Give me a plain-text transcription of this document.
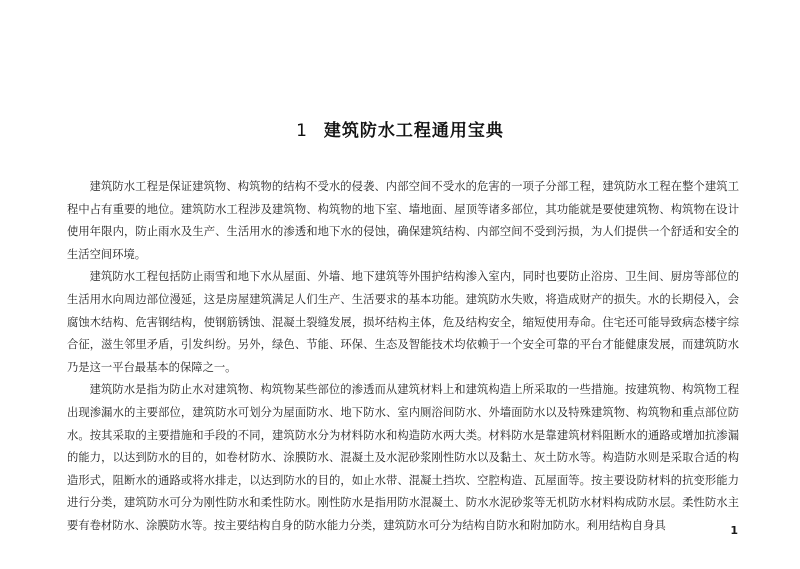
1 建筑防水工程通用宝典

建筑防水工程是保证建筑物、构筑物的结构不受水的侵袭、内部空间不受水的危害的一项子分部工程，建筑防水工程在整个建筑工程中占有重要的地位。建筑防水工程涉及建筑物、构筑物的地下室、墙地面、屋顶等诸多部位，其功能就是要使建筑物、构筑物在设计使用年限内，防止雨水及生产、生活用水的渗透和地下水的侵蚀，确保建筑结构、内部空间不受到污损，为人们提供一个舒适和安全的生活空间环境。

建筑防水工程包括防止雨雪和地下水从屋面、外墙、地下建筑等外围护结构渗入室内，同时也要防止浴房、卫生间、厨房等部位的生活用水向周边部位漫延，这是房屋建筑满足人们生产、生活要求的基本功能。建筑防水失败，将造成财产的损失。水的长期侵入，会腐蚀木结构、危害钢结构，使钢筋锈蚀、混凝土裂缝发展，损坏结构主体，危及结构安全，缩短使用寿命。住宅还可能导致病态楼宇综合征，滋生邻里矛盾，引发纠纷。另外，绿色、节能、环保、生态及智能技术均依赖于一个安全可靠的平台才能健康发展，而建筑防水乃是这一平台最基本的保障之一。

建筑防水是指为防止水对建筑物、构筑物某些部位的渗透而从建筑材料上和建筑构造上所采取的一些措施。按建筑物、构筑物工程出现渗漏水的主要部位，建筑防水可划分为屋面防水、地下防水、室内厕浴间防水、外墙面防水以及特殊建筑物、构筑物和重点部位防水。按其采取的主要措施和手段的不同，建筑防水分为材料防水和构造防水两大类。材料防水是靠建筑材料阻断水的通路或增加抗渗漏的能力，以达到防水的目的，如卷材防水、涂膜防水、混凝土及水泥砂浆刚性防水以及黏土、灰土防水等。构造防水则是采取合适的构造形式，阻断水的通路或将水排走，以达到防水的目的，如止水带、混凝土挡坎、空腔构造、瓦屋面等。按主要设防材料的抗变形能力进行分类，建筑防水可分为刚性防水和柔性防水。刚性防水是指用防水混凝土、防水水泥砂浆等无机防水材料构成防水层。柔性防水主要有卷材防水、涂膜防水等。按主要结构自身的防水能力分类，建筑防水可分为结构自防水和附加防水。利用结构自身具	1
